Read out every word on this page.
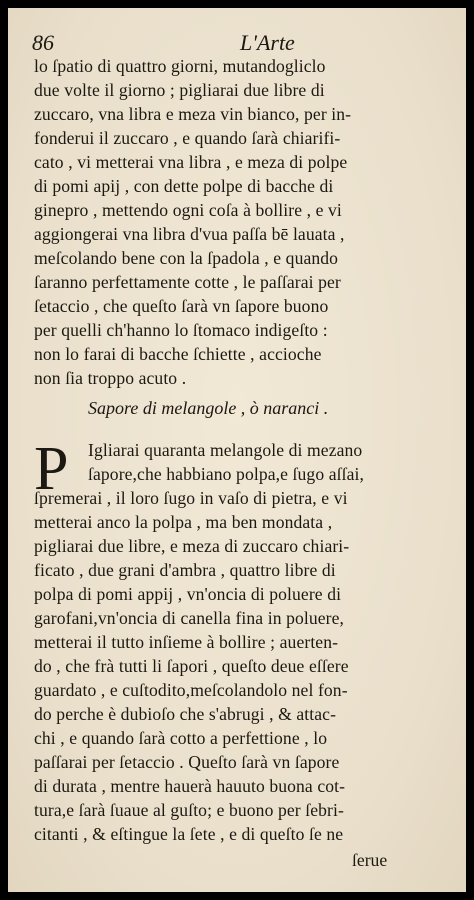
86	L'Arte
lo ſpatio di quattro giorni, mutandogliclo
due volte il giorno ; pigliarai due libre di
zuccaro, vna libra e meza vin bianco, per in-
fonderui il zuccaro , e quando ſarà chiarifi-
cato , vi metterai vna libra , e meza di polpe
di pomi apij , con dette polpe di bacche di
ginepro , mettendo ogni coſa à bollire , e vi
aggiongerai vna libra d'vua paſſa bē lauata ,
meſcolando bene con la ſpadola , e quando
ſaranno perfettamente cotte , le paſſarai per
ſetaccio , che queſto ſarà vn ſapore buono
per quelli ch'hanno lo ſtomaco indigeſto :
non lo farai di bacche ſchiette , accioche
non ſia troppo acuto .
Sapore di melangole , ò naranci .
P	Igliarai quaranta melangole di mezano
ſapore,che habbiano polpa,e ſugo aſſai,
ſpremerai , il loro ſugo in vaſo di pietra, e vi
metterai anco la polpa , ma ben mondata ,
pigliarai due libre, e meza di zuccaro chiari-
ficato , due grani d'ambra , quattro libre di
polpa di pomi appij , vn'oncia di poluere di
garofani,vn'oncia di canella fina in poluere,
metterai il tutto inſieme à bollire ; auerten-
do , che frà tutti li ſapori , queſto deue eſſere
guardato , e cuſtodito,meſcolandolo nel fon-
do perche è dubioſo che s'abrugi , & attac-
chi , e quando ſarà cotto a perfettione , lo
paſſarai per ſetaccio . Queſto ſarà vn ſapore
di durata , mentre hauerà hauuto buona cot-
tura,e ſarà ſuaue al guſto; e buono per ſebri-
citanti , & eſtingue la ſete , e di queſto ſe ne
ſerue
